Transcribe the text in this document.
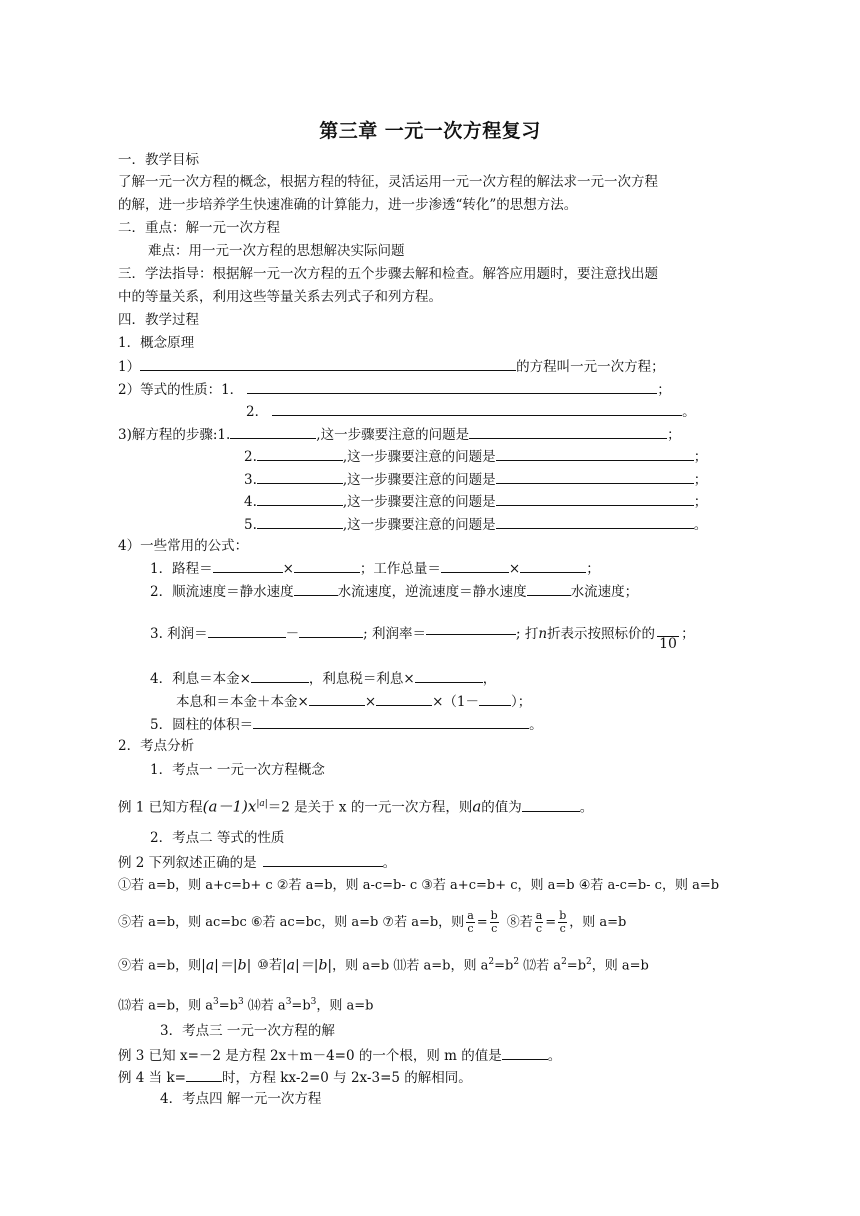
第三章 一元一次方程复习
一．教学目标
了解一元一次方程的概念，根据方程的特征，灵活运用一元一次方程的解法求一元一次方程
的解，进一步培养学生快速准确的计算能力，进一步渗透“转化”的思想方法。
二．重点：解一元一次方程
难点：用一元一次方程的思想解决实际问题
三．学法指导：根据解一元一次方程的五个步骤去解和检查。解答应用题时，要注意找出题
中的等量关系，利用这些等量关系去列式子和列方程。
四．教学过程
1．概念原理
1）	的方程叫一元一次方程；
2）等式的性质：1．	；
2．	。
3)解方程的步骤:1.	,这一步骤要注意的问题是	；
2.	,这一步骤要注意的问题是	；
3.	,这一步骤要注意的问题是	；
4.	,这一步骤要注意的问题是	；
5.	,这一步骤要注意的问题是	。
4）一些常用的公式：
1．路程＝	×	；工作总量＝	×	；
2．顺流速度＝静水速度	水流速度，逆流速度＝静水速度	水流速度；
3. 利润＝	－	; 利润率＝	; 打n折表示按照标价的
10
；
4．利息＝本金×	，利息税＝利息×	，
本息和＝本金＋本金×	×	×（1－ ）；
5．圆柱的体积＝	。
2．考点分析
1．考点一 一元一次方程概念
例 1 已知方程$(a-1)x^{|a|}=2$ 是关于 x 的一元一次方程，则a的值为	。
2．考点二 等式的性质
例 2 下列叙述正确的是	。
①若 a=b，则 a+c=b+ c ②若 a=b，则 a-c=b- c ③若 a+c=b+ c，则 a=b ④若 a-c=b- c，则 a=b
⑤若 a=b，则 ac=bc ⑥若 ac=bc，则 a=b ⑦若 a=b，则 $\frac{a}{c} = \frac{b}{c}$ ⑧若 $\frac{a}{c} = \frac{b}{c}$ ，则 a=b
⑨若 a=b，则|a|＝|b| ⑩若|a|＝|b|，则 a=b ⑾若 a=b，则 $a^2=b^2$ ⑿若 $a^2=b^2$，则 a=b
⒀若 a=b，则 $a^3=b^3$ ⒁若 $a^3=b^3$，则 a=b
3．考点三 一元一次方程的解
例 3 已知 x=－2 是方程 2x＋m－4=0 的一个根，则 m 的值是	。
例 4 当 k=	时，方程 kx-2=0 与 2x-3=5 的解相同。
4．考点四 解一元一次方程
